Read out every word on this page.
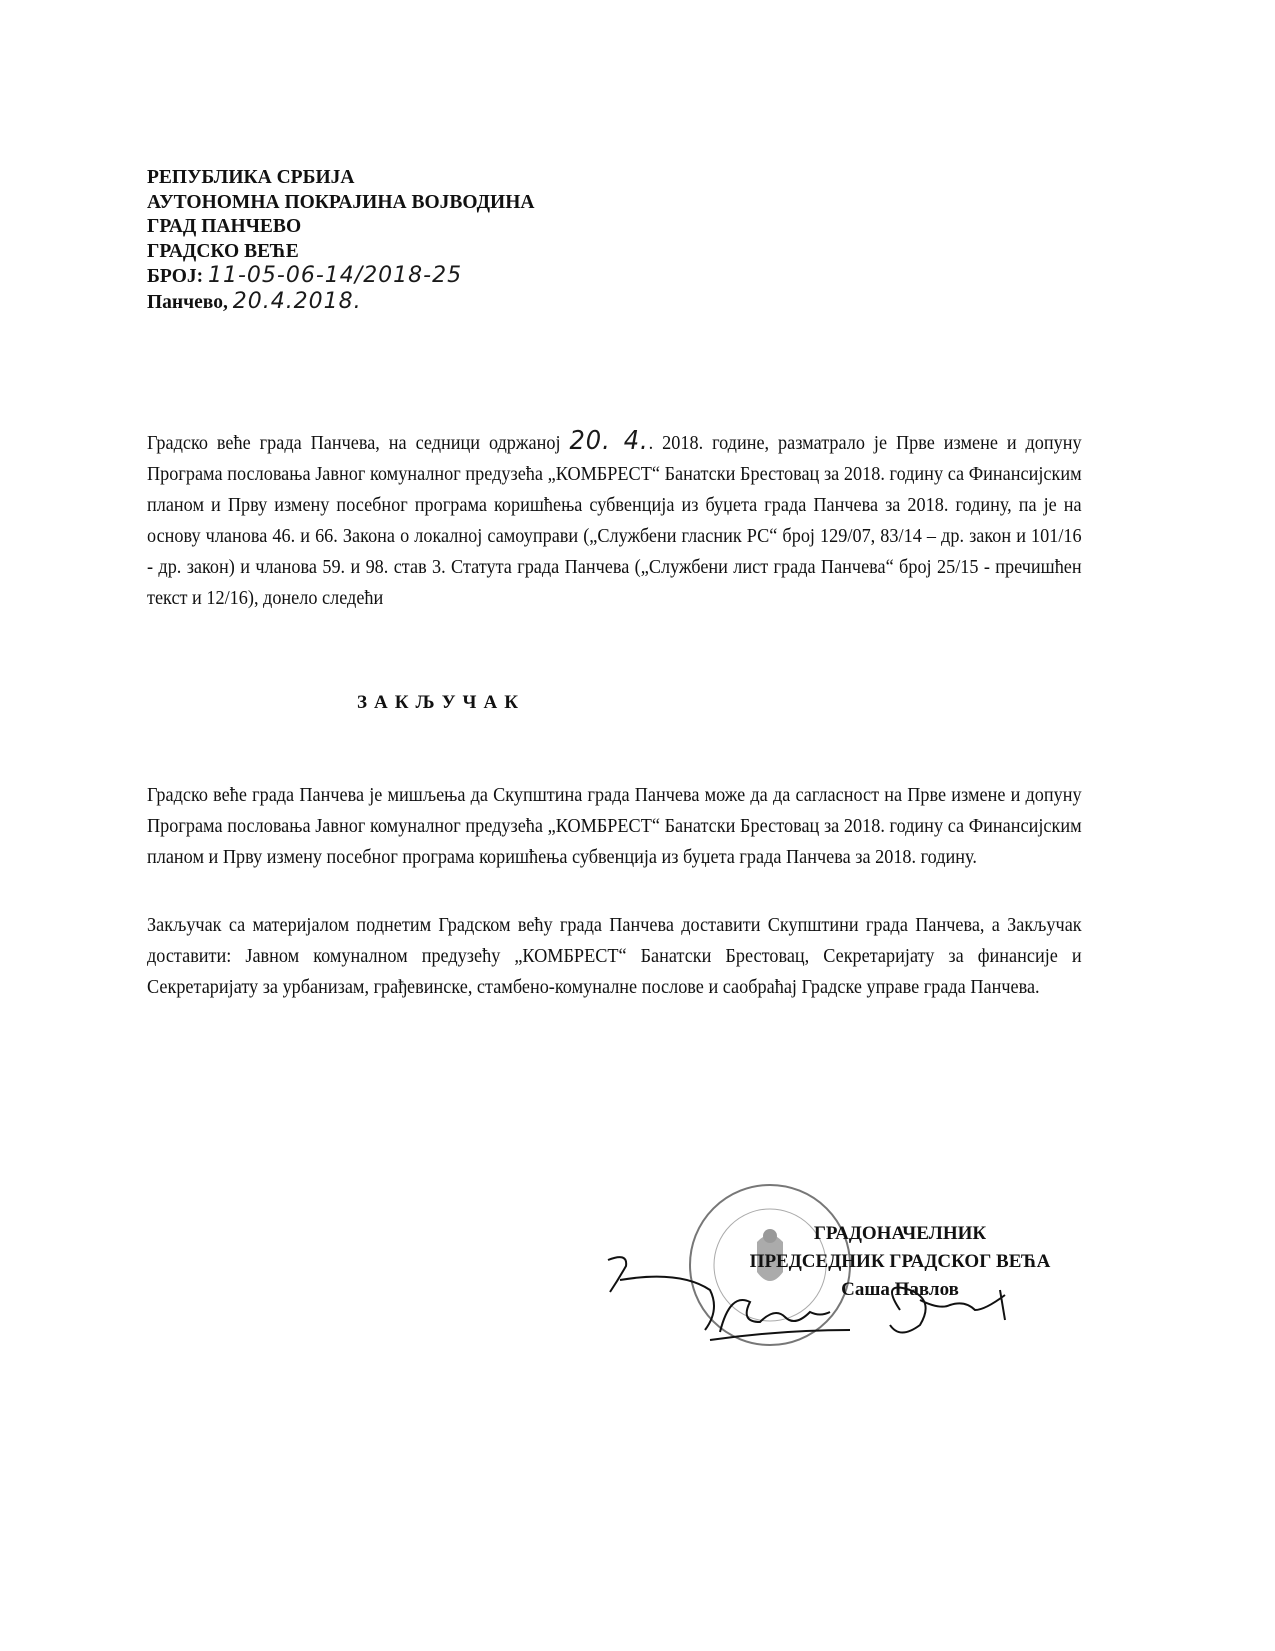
РЕПУБЛИКА СРБИЈА
АУТОНОМНА ПОКРАЈИНА ВОЈВОДИНА
ГРАД ПАНЧЕВО
ГРАДСКО ВЕЋЕ
БРОЈ: 11-05-06-14/2018-25
Панчево, 20.4.2018.
Градско веће града Панчева, на седници одржаној 20. 4.. 2018. године, разматрало је Прве измене и допуну Програма пословања Јавног комуналног предузећа „КОМБРЕСТ“ Банатски Брестовац за 2018. годину са Финансијским планом и Прву измену посебног програма коришћења субвенција из буџета града Панчева за 2018. годину, па је на основу чланова 46. и 66. Закона о локалној самоуправи („Службени гласник РС“ број 129/07, 83/14 – др. закон и 101/16 - др. закон) и чланова 59. и 98. став 3. Статута града Панчева („Службени лист града Панчева“ број 25/15 - пречишћен текст и 12/16), донело следећи
ЗАКЉУЧАК
Градско веће града Панчева је мишљења да Скупштина града Панчева може да да сагласност на Прве измене и допуну Програма пословања Јавног комуналног предузећа „КОМБРЕСТ“ Банатски Брестовац за 2018. годину са Финансијским планом и Прву измену посебног програма коришћења субвенција из буџета града Панчева за 2018. годину.
Закључак са материјалом поднетим Градском већу града Панчева доставити Скупштини града Панчева, а Закључак доставити: Јавном комуналном предузећу „КОМБРЕСТ“ Банатски Брестовац, Секретаријату за финансије и Секретаријату за урбанизам, грађевинске, стамбено-комуналне послове и саобраћај Градске управе града Панчева.
ГРАДОНАЧЕЛНИК
ПРЕДСЕДНИК ГРАДСКОГ ВЕЋА
Саша Павлов
